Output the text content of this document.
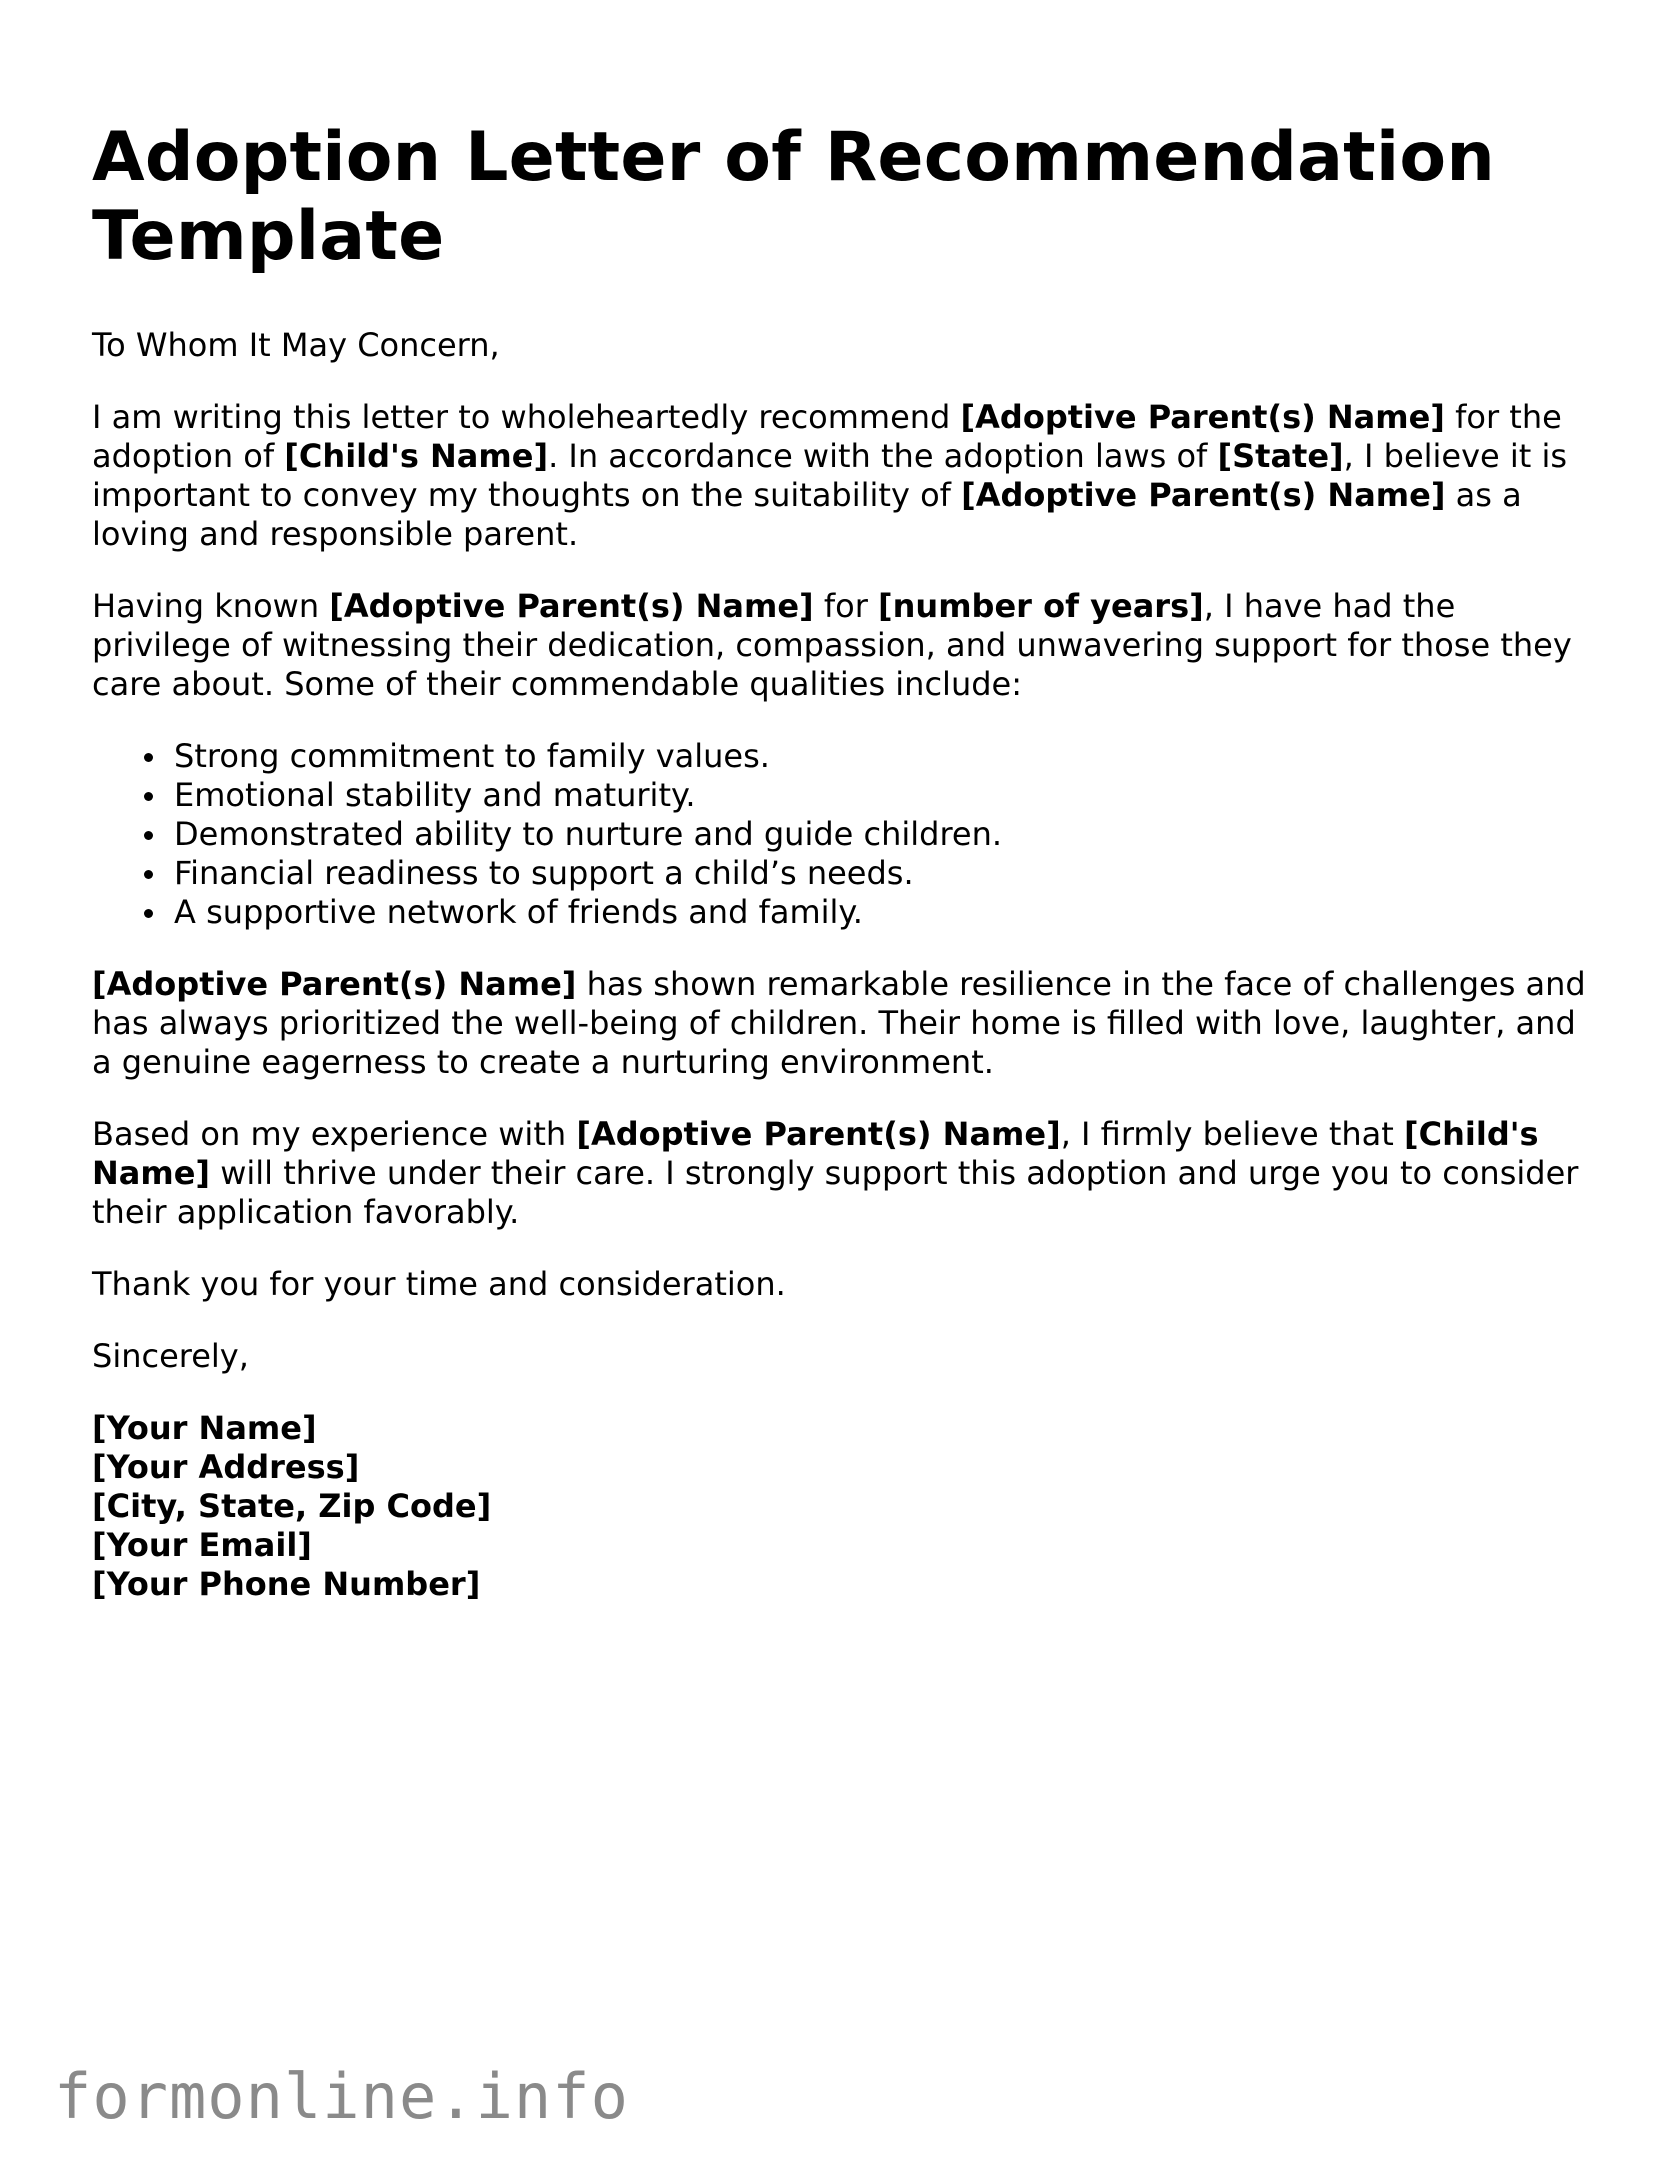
Adoption Letter of Recommendation Template

To Whom It May Concern,

I am writing this letter to wholeheartedly recommend [Adoptive Parent(s) Name] for the adoption of [Child's Name]. In accordance with the adoption laws of [State], I believe it is important to convey my thoughts on the suitability of [Adoptive Parent(s) Name] as a loving and responsible parent.

Having known [Adoptive Parent(s) Name] for [number of years], I have had the privilege of witnessing their dedication, compassion, and unwavering support for those they care about. Some of their commendable qualities include:

Strong commitment to family values.
Emotional stability and maturity.
Demonstrated ability to nurture and guide children.
Financial readiness to support a child’s needs.
A supportive network of friends and family.

[Adoptive Parent(s) Name] has shown remarkable resilience in the face of challenges and has always prioritized the well-being of children. Their home is filled with love, laughter, and a genuine eagerness to create a nurturing environment.

Based on my experience with [Adoptive Parent(s) Name], I firmly believe that [Child's Name] will thrive under their care. I strongly support this adoption and urge you to consider their application favorably.

Thank you for your time and consideration.

Sincerely,

[Your Name]
[Your Address]
[City, State, Zip Code]
[Your Email]
[Your Phone Number]
formonline.info
